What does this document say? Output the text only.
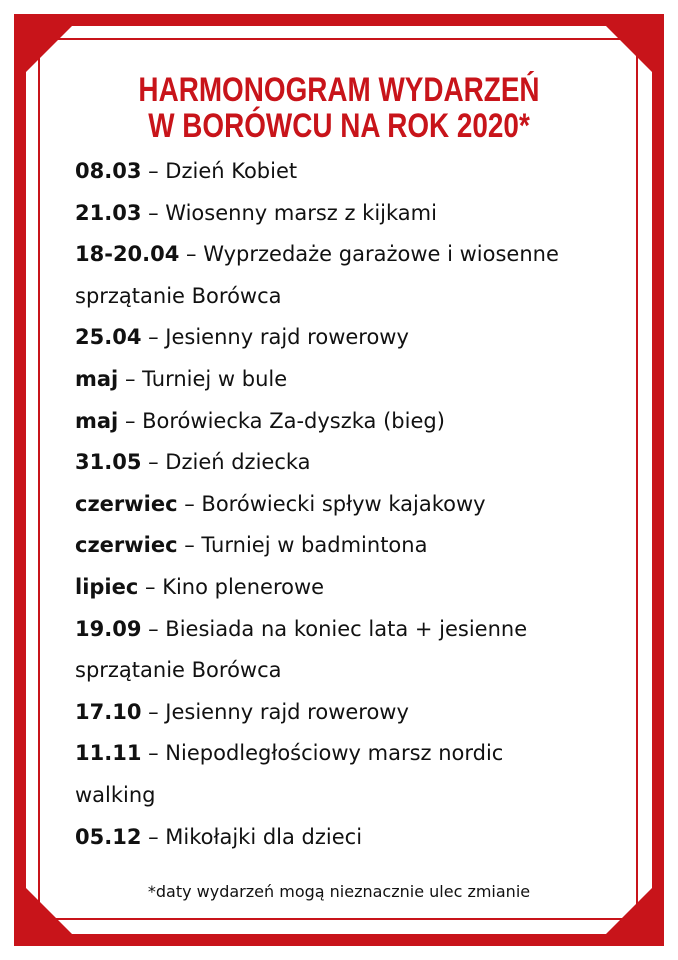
HARMONOGRAM WYDARZEŃ
W BORÓWCU NA ROK 2020*
08.03 – Dzień Kobiet
21.03 – Wiosenny marsz z kijkami
18-20.04 – Wyprzedaże garażowe i wiosenne
sprzątanie Borówca
25.04 – Jesienny rajd rowerowy
maj – Turniej w bule
maj – Borówiecka Za-dyszka (bieg)
31.05 – Dzień dziecka
czerwiec – Borówiecki spływ kajakowy
czerwiec – Turniej w badmintona
lipiec – Kino plenerowe
19.09 – Biesiada na koniec lata + jesienne
sprzątanie Borówca
17.10 – Jesienny rajd rowerowy
11.11 – Niepodległościowy marsz nordic
walking
05.12 – Mikołajki dla dzieci
*daty wydarzeń mogą nieznacznie ulec zmianie
